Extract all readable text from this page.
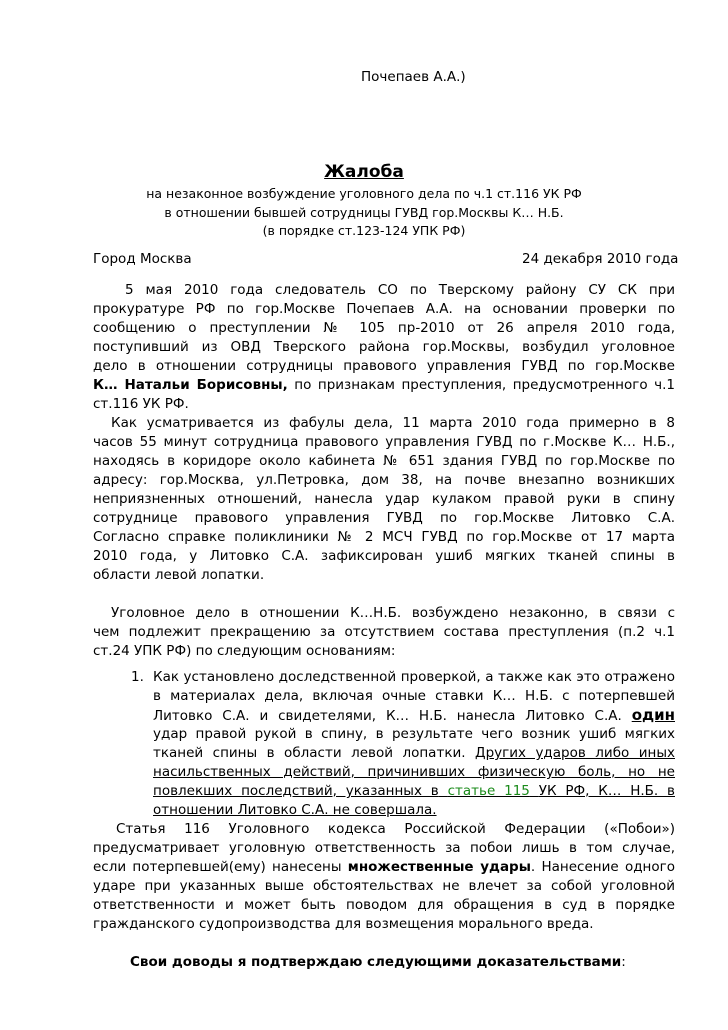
Почепаев А.А.)
Жалоба
на незаконное возбуждение уголовного дела по ч.1 ст.116 УК РФ
в отношении бывшей сотрудницы ГУВД гор.Москвы К… Н.Б.
(в порядке ст.123-124 УПК РФ)
Город Москва	24 декабря 2010 года
5 мая 2010 года следователь СО по Тверскому району СУ СК при
прокуратуре РФ по гор.Москве Почепаев А.А. на основании проверки по
сообщению о преступлении № 105 пр-2010 от 26 апреля 2010 года,
поступивший из ОВД Тверского района гор.Москвы, возбудил уголовное
дело в отношении сотрудницы правового управления ГУВД по гор.Москве
К… Натальи Борисовны, по признакам преступления, предусмотренного ч.1
ст.116 УК РФ.
Как усматривается из фабулы дела, 11 марта 2010 года примерно в 8
часов 55 минут сотрудница правового управления ГУВД по г.Москве К… Н.Б.,
находясь в коридоре около кабинета № 651 здания ГУВД по гор.Москве по
адресу: гор.Москва, ул.Петровка, дом 38, на почве внезапно возникших
неприязненных отношений, нанесла удар кулаком правой руки в спину
сотруднице правового управления ГУВД по гор.Москве Литовко С.А.
Согласно справке поликлиники № 2 МСЧ ГУВД по гор.Москве от 17 марта
2010 года, у Литовко С.А. зафиксирован ушиб мягких тканей спины в
области левой лопатки.
Уголовное дело в отношении К…Н.Б. возбуждено незаконно, в связи с
чем подлежит прекращению за отсутствием состава преступления (п.2 ч.1
ст.24 УПК РФ) по следующим основаниям:
1. Как установлено доследственной проверкой, а также как это отражено
в материалах дела, включая очные ставки К… Н.Б. с потерпевшей
Литовко С.А. и свидетелями, К… Н.Б. нанесла Литовко С.А. один
удар правой рукой в спину, в результате чего возник ушиб мягких
тканей спины в области левой лопатки. Других ударов либо иных
насильственных действий, причинивших физическую боль, но не
повлекших последствий, указанных в статье 115 УК РФ, К… Н.Б. в
отношении Литовко С.А. не совершала.
Статья 116 Уголовного кодекса Российской Федерации («Побои»)
предусматривает уголовную ответственность за побои лишь в том случае,
если потерпевшей(ему) нанесены множественные удары. Нанесение одного
ударе при указанных выше обстоятельствах не влечет за собой уголовной
ответственности и может быть поводом для обращения в суд в порядке
гражданского судопроизводства для возмещения морального вреда.
Свои доводы я подтверждаю следующими доказательствами:
